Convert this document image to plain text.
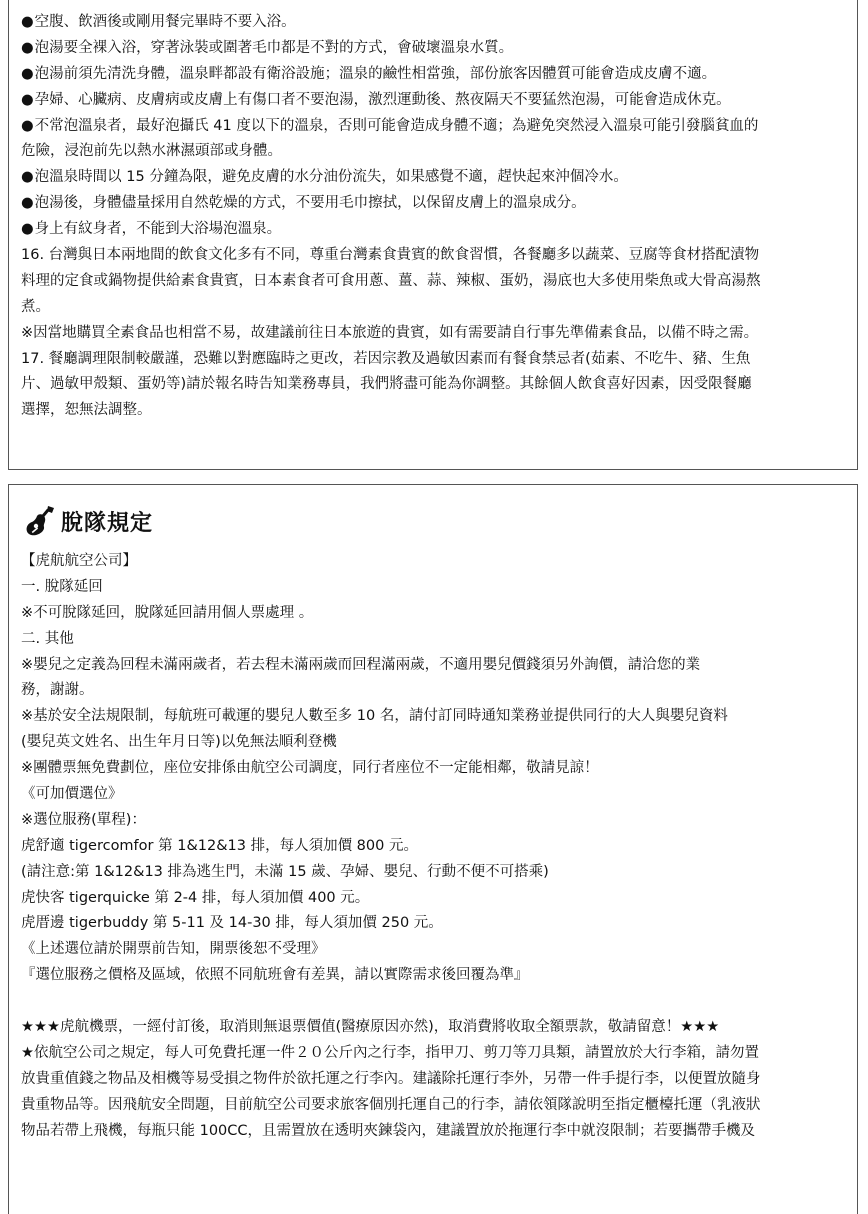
●空腹、飲酒後或剛用餐完畢時不要入浴。
●泡湯要全裸入浴，穿著泳裝或圍著毛巾都是不對的方式，會破壞溫泉水質。
●泡湯前須先清洗身體，溫泉畔都設有衛浴設施；溫泉的鹼性相當強，部份旅客因體質可能會造成皮膚不適。
●孕婦、心臟病、皮膚病或皮膚上有傷口者不要泡湯，激烈運動後、熬夜隔天不要猛然泡湯，可能會造成休克。
●不常泡溫泉者，最好泡攝氏 41 度以下的溫泉，否則可能會造成身體不適；為避免突然浸入溫泉可能引發腦貧血的
危險，浸泡前先以熱水淋濕頭部或身體。
●泡溫泉時間以 15 分鐘為限，避免皮膚的水分油份流失，如果感覺不適，趕快起來沖個冷水。
●泡湯後，身體儘量採用自然乾燥的方式，不要用毛巾擦拭，以保留皮膚上的溫泉成分。
●身上有紋身者，不能到大浴場泡溫泉。
16. 台灣與日本兩地間的飲食文化多有不同，尊重台灣素食貴賓的飲食習慣，各餐廳多以蔬菜、豆腐等食材搭配漬物
料理的定食或鍋物提供給素食貴賓，日本素食者可食用蔥、薑、蒜、辣椒、蛋奶，湯底也大多使用柴魚或大骨高湯熬
煮。
※因當地購買全素食品也相當不易，故建議前往日本旅遊的貴賓，如有需要請自行事先準備素食品，以備不時之需。
17. 餐廳調理限制較嚴謹，恐難以對應臨時之更改，若因宗教及過敏因素而有餐食禁忌者(茹素、不吃牛、豬、生魚
片、過敏甲殼類、蛋奶等)請於報名時告知業務專員，我們將盡可能為你調整。其餘個人飲食喜好因素，因受限餐廳
選擇，恕無法調整。
脫隊規定
【虎航航空公司】
一. 脫隊延回
※不可脫隊延回，脫隊延回請用個人票處理 。
二. 其他
※嬰兒之定義為回程未滿兩歲者，若去程未滿兩歲而回程滿兩歲，不適用嬰兒價錢須另外詢價，請洽您的業
務，謝謝。
※基於安全法規限制，每航班可載運的嬰兒人數至多 10 名，請付訂同時通知業務並提供同行的大人與嬰兒資料
(嬰兒英文姓名、出生年月日等)以免無法順利登機
※團體票無免費劃位，座位安排係由航空公司調度，同行者座位不一定能相鄰，敬請見諒！
《可加價選位》
※選位服務(單程)：
虎舒適 tigercomfor 第 1&12&13 排，每人須加價 800 元。
(請注意:第 1&12&13 排為逃生門，未滿 15 歲、孕婦、嬰兒、行動不便不可搭乘)
虎快客 tigerquicke 第 2-4 排，每人須加價 400 元。
虎厝邊 tigerbuddy 第 5-11 及 14-30 排，每人須加價 250 元。
《上述選位請於開票前告知，開票後恕不受理》
『選位服務之價格及區域，依照不同航班會有差異，請以實際需求後回覆為準』
★★★虎航機票，一經付訂後，取消則無退票價值(醫療原因亦然)，取消費將收取全額票款，敬請留意！★★★
★依航空公司之規定，每人可免費托運一件２０公斤內之行李，指甲刀、剪刀等刀具類，請置放於大行李箱，請勿置
放貴重值錢之物品及相機等易受損之物件於欲托運之行李內。建議除托運行李外，另帶一件手提行李，以便置放隨身
貴重物品等。因飛航安全問題，目前航空公司要求旅客個別托運自己的行李，請依領隊說明至指定櫃檯托運（乳液狀
物品若帶上飛機，每瓶只能 100CC，且需置放在透明夾鍊袋內，建議置放於拖運行李中就沒限制；若要攜帶手機及
